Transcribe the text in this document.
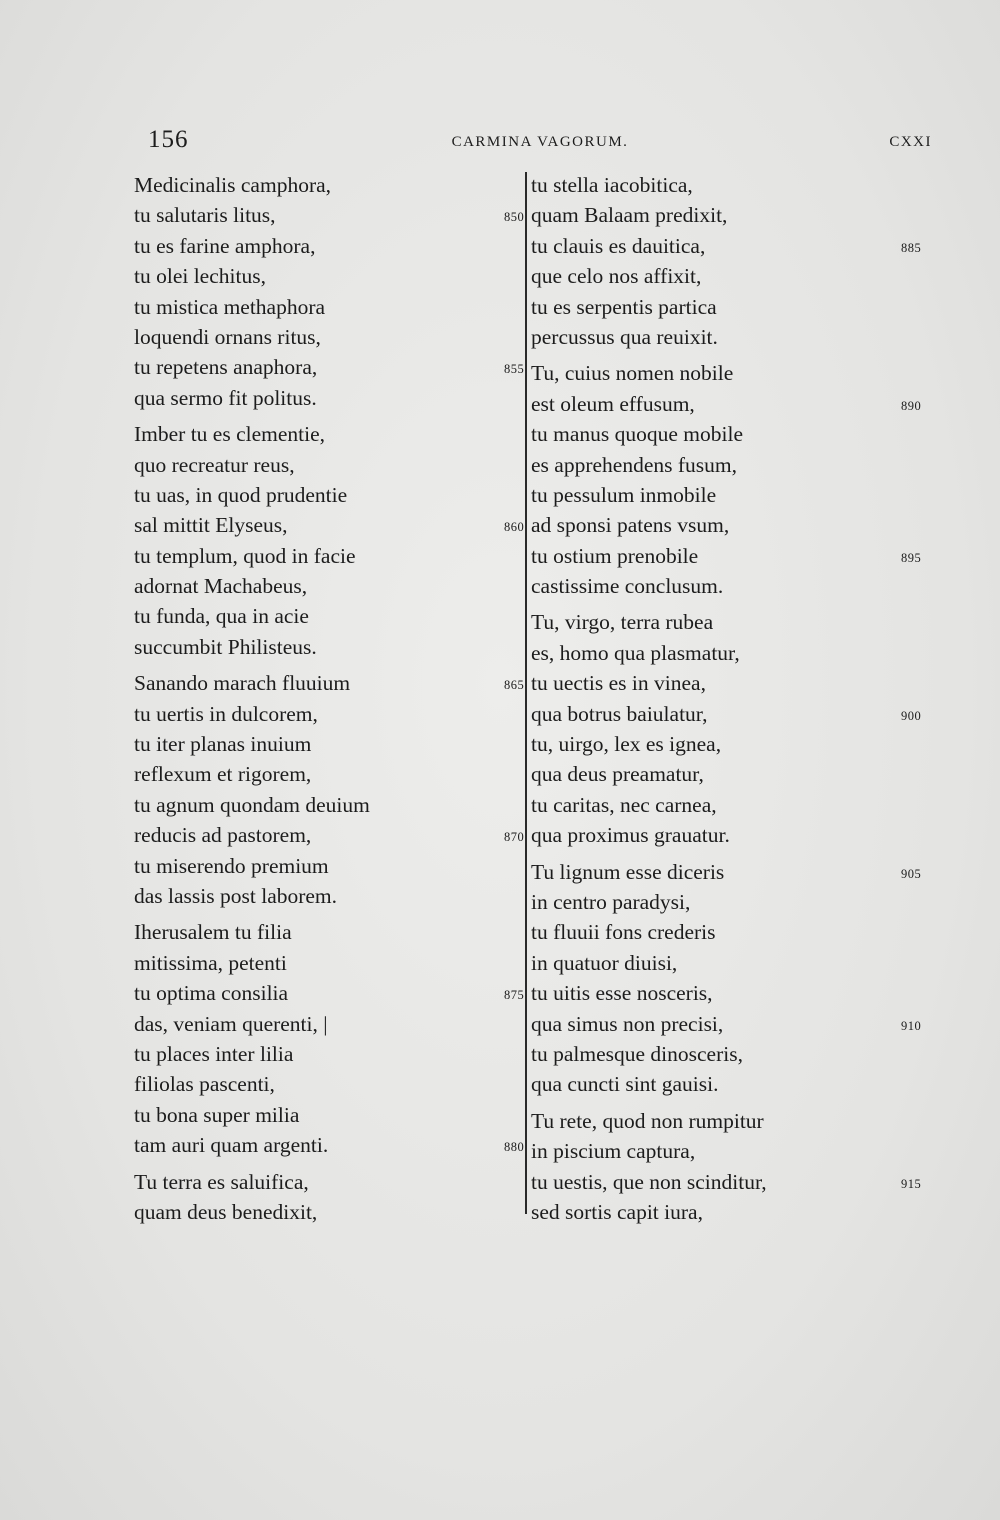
156	CARMINA VAGORUM.	CXXI
Medicinalis camphora,
tu salutaris litus,	850
tu es farine amphora,
tu olei lechitus,
tu mistica methaphora
loquendi ornans ritus,
tu repetens anaphora,	855
qua sermo fit politus.
Imber tu es clementie,
quo recreatur reus,
tu uas, in quod prudentie
sal mittit Elyseus,	860
tu templum, quod in facie
adornat Machabeus,
tu funda, qua in acie
succumbit Philisteus.
Sanando marach fluuium	865
tu uertis in dulcorem,
tu iter planas inuium
reflexum et rigorem,
tu agnum quondam deuium
reducis ad pastorem,	870
tu miserendo premium
das lassis post laborem.
Iherusalem tu filia
mitissima, petenti
tu optima consilia	875
das, veniam querenti, |
tu places inter lilia
filiolas pascenti,
tu bona super milia
tam auri quam argenti.	880
Tu terra es saluifica,
quam deus benedixit,
tu stella iacobitica,
quam Balaam predixit,
tu clauis es dauitica,	885
que celo nos affixit,
tu es serpentis partica
percussus qua reuixit.
Tu, cuius nomen nobile
est oleum effusum,	890
tu manus quoque mobile
es apprehendens fusum,
tu pessulum inmobile
ad sponsi patens vsum,
tu ostium prenobile	895
castissime conclusum.
Tu, virgo, terra rubea
es, homo qua plasmatur,
tu uectis es in vinea,
qua botrus baiulatur,	900
tu, uirgo, lex es ignea,
qua deus preamatur,
tu caritas, nec carnea,
qua proximus grauatur.
Tu lignum esse diceris	905
in centro paradysi,
tu fluuii fons crederis
in quatuor diuisi,
tu uitis esse nosceris,
qua simus non precisi,	910
tu palmesque dinosceris,
qua cuncti sint gauisi.
Tu rete, quod non rumpitur
in piscium captura,
tu uestis, que non scinditur,	915
sed sortis capit iura,
